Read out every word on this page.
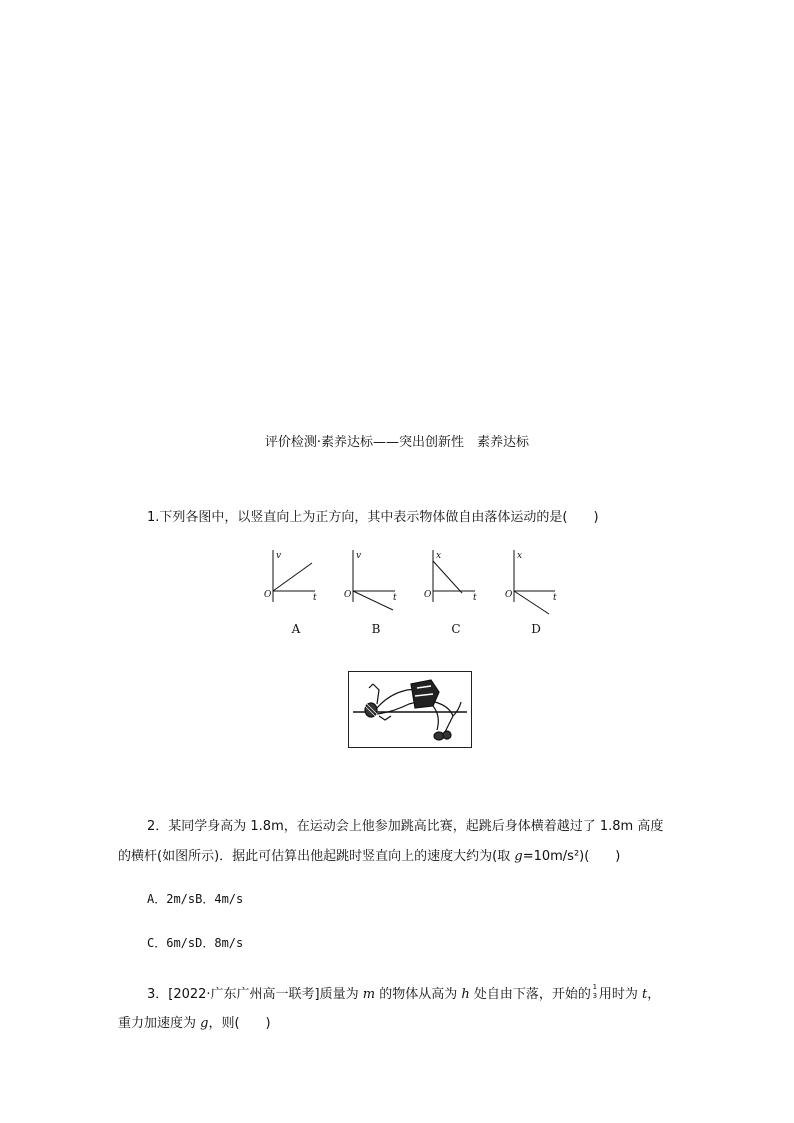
评价检测·素养达标——突出创新性　素养达标
1.下列各图中，以竖直向上为正方向，其中表示物体做自由落体运动的是(　　)
v
t
O
v
t
O
x
t
O
x
t
O
A	B	C	D
2．某同学身高为 1.8m，在运动会上他参加跳高比赛，起跳后身体横着越过了 1.8m 高度
的横杆(如图所示)．据此可估算出他起跳时竖直向上的速度大约为(取 g=10m/s²)(　　)
A．2m/sB．4m/s
C．6m/sD．8m/s
3．[2022·广东广州高一联考]质量为 m 的物体从高为 h 处自由下落，开始的 1
3 用时为 t，
重力加速度为 g，则(　　)
